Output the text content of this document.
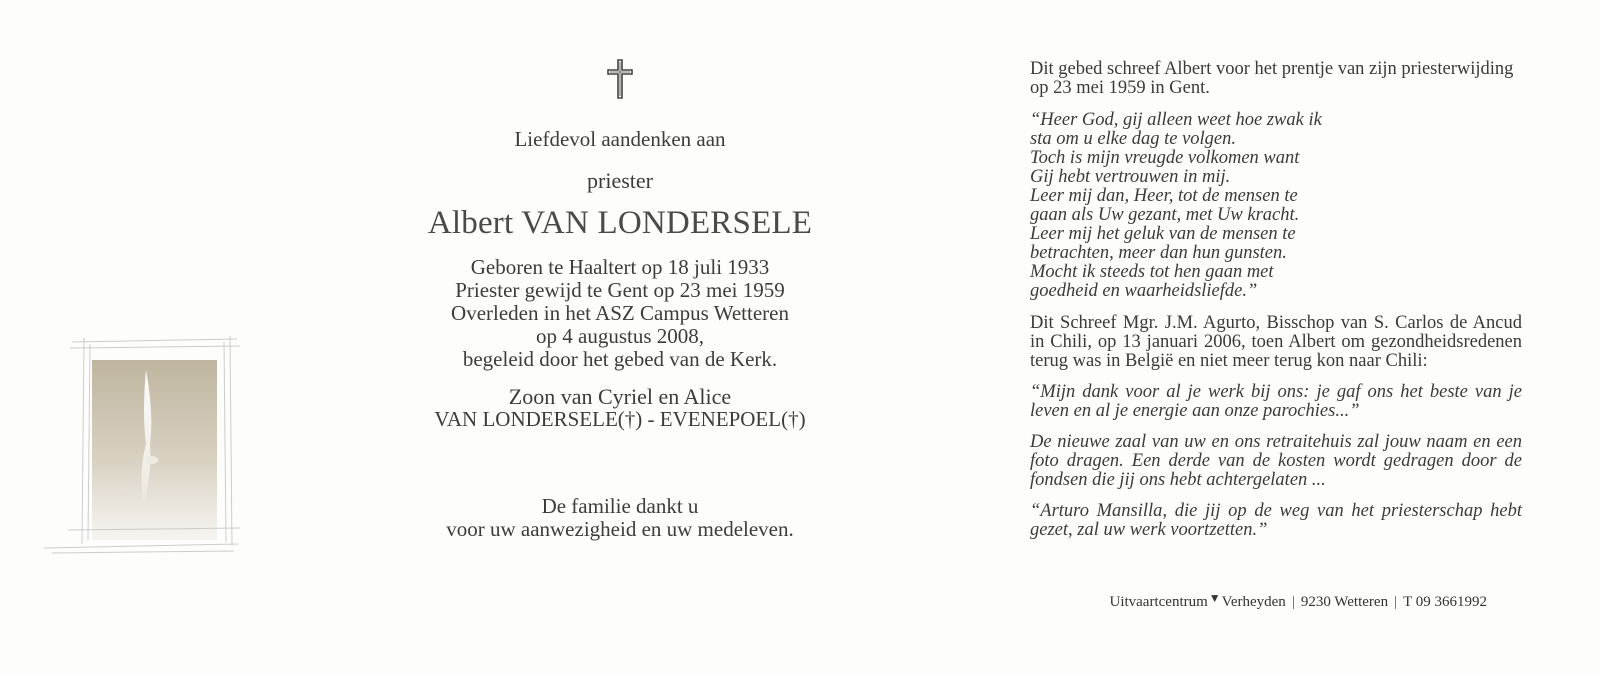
Liefdevol aandenken aan
priester
Albert VAN LONDERSELE
Geboren te Haaltert op 18 juli 1933
Priester gewijd te Gent op 23 mei 1959
Overleden in het ASZ Campus Wetteren
op 4 augustus 2008,
begeleid door het gebed van de Kerk.
Zoon van Cyriel en Alice
VAN LONDERSELE(†) - EVENEPOEL(†)
De familie dankt u
voor uw aanwezigheid en uw medeleven.

Dit gebed schreef Albert voor het prentje van zijn priesterwijding op 23 mei 1959 in Gent.

“Heer God, gij alleen weet hoe zwak ik
sta om u elke dag te volgen.
Toch is mijn vreugde volkomen want
Gij hebt vertrouwen in mij.
Leer mij dan, Heer, tot de mensen te
gaan als Uw gezant, met Uw kracht.
Leer mij het geluk van de mensen te
betrachten, meer dan hun gunsten.
Mocht ik steeds tot hen gaan met
goedheid en waarheidsliefde.”

Dit Schreef Mgr. J.M. Agurto, Bisschop van S. Carlos de Ancud in Chili, op 13 januari 2006, toen Albert om gezondheidsredenen terug was in België en niet meer terug kon naar Chili:

“Mijn dank voor al je werk bij ons: je gaf ons het beste van je leven en al je energie aan onze parochies...”

De nieuwe zaal van uw en ons retraitehuis zal jouw naam en een foto dragen. Een derde van de kosten wordt gedragen door de fondsen die jij ons hebt achtergelaten ...

“Arturo Mansilla, die jij op de weg van het priesterschap hebt gezet, zal uw werk voortzetten.”

Uitvaartcentrum▼Verheyden | 9230 Wetteren | T 09 3661992
